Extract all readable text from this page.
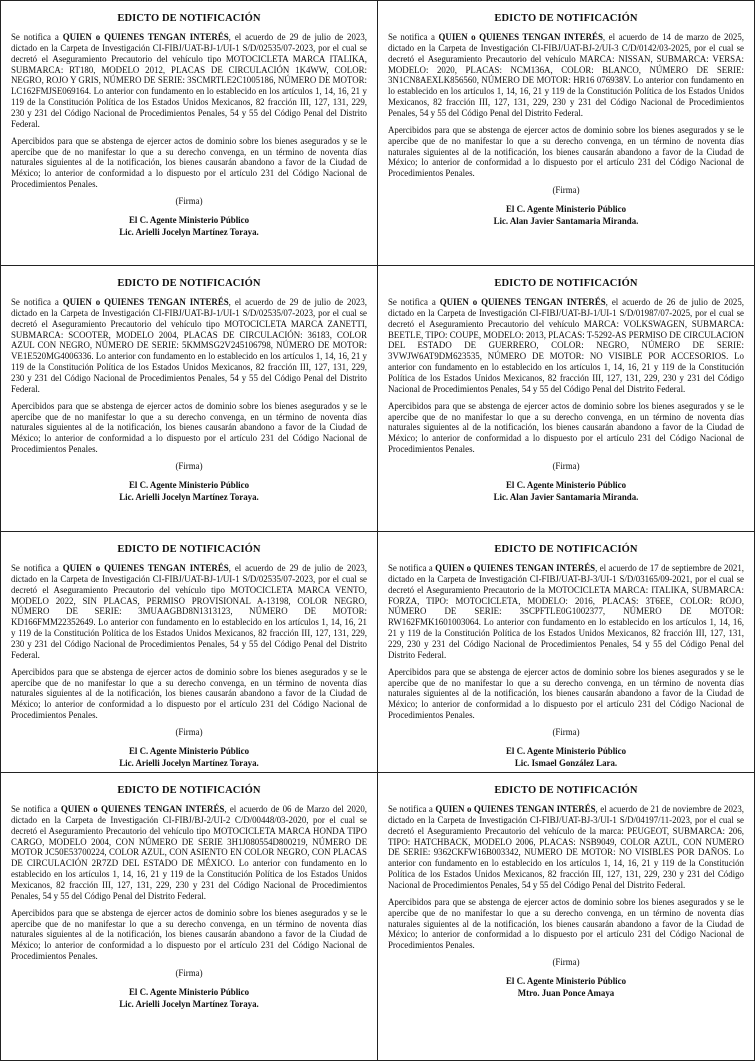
EDICTO DE NOTIFICACIÓN

Se notifica a QUIEN o QUIENES TENGAN INTERÉS, el acuerdo de 29 de julio de 2023, dictado en la Carpeta de Investigación CI-FIBJ/UAT-BJ-1/UI-1 S/D/02535/07-2023, por el cual se decretó el Aseguramiento Precautorio del vehículo tipo MOTOCICLETA MARCA ITALIKA, SUBMARCA: RT180, MODELO 2012, PLACAS DE CIRCULACIÓN 1K4WW, COLOR: NEGRO, ROJO Y GRIS, NÚMERO DE SERIE: 3SCMRTLE2C1005186, NÚMERO DE MOTOR: LC162FMJSE069164. Lo anterior con fundamento en lo establecido en los artículos 1, 14, 16, 21 y 119 de la Constitución Política de los Estados Unidos Mexicanos, 82 fracción III, 127, 131, 229, 230 y 231 del Código Nacional de Procedimientos Penales, 54 y 55 del Código Penal del Distrito Federal.

Apercibidos para que se abstenga de ejercer actos de dominio sobre los bienes asegurados y se le apercibe que de no manifestar lo que a su derecho convenga, en un término de noventa días naturales siguientes al de la notificación, los bienes causarán abandono a favor de la Ciudad de México; lo anterior de conformidad a lo dispuesto por el artículo 231 del Código Nacional de Procedimientos Penales.

(Firma)
El C. Agente Ministerio Público
Lic. Arielli Jocelyn Martínez Toraya.
EDICTO DE NOTIFICACIÓN

Se notifica a QUIEN o QUIENES TENGAN INTERÉS, el acuerdo de 14 de marzo de 2025, dictado en la Carpeta de Investigación CI-FIBJ/UAT-BJ-2/UI-3 C/D/0142/03-2025, por el cual se decretó el Aseguramiento Precautorio del vehículo MARCA: NISSAN, SUBMARCA: VERSA: MODELO: 2020, PLACAS: NCM136A, COLOR: BLANCO, NÚMERO DE SERIE: 3N1CN8AEXLK856560, NÚMERO DE MOTOR: HR16 076938V. Lo anterior con fundamento en lo establecido en los artículos 1, 14, 16, 21 y 119 de la Constitución Política de los Estados Unidos Mexicanos, 82 fracción III, 127, 131, 229, 230 y 231 del Código Nacional de Procedimientos Penales, 54 y 55 del Código Penal del Distrito Federal.

Apercibidos para que se abstenga de ejercer actos de dominio sobre los bienes asegurados y se le apercibe que de no manifestar lo que a su derecho convenga, en un término de noventa días naturales siguientes al de la notificación, los bienes causarán abandono a favor de la Ciudad de México; lo anterior de conformidad a lo dispuesto por el artículo 231 del Código Nacional de Procedimientos Penales.

(Firma)
El C. Agente Ministerio Público
Lic. Alan Javier Santamaria Miranda.
EDICTO DE NOTIFICACIÓN

Se notifica a QUIEN o QUIENES TENGAN INTERÉS, el acuerdo de 29 de julio de 2023, dictado en la Carpeta de Investigación CI-FIBJ/UAT-BJ-1/UI-1 S/D/02535/07-2023, por el cual se decretó el Aseguramiento Precautorio del vehículo tipo MOTOCICLETA MARCA ZANETTI, SUBMARCA: SCOOTER, MODELO 2004, PLACAS DE CIRCULACIÓN: 36183, COLOR AZUL CON NEGRO, NÚMERO DE SERIE: 5KMMSG2V245106798, NÚMERO DE MOTOR: VE1E520MG4006336. Lo anterior con fundamento en lo establecido en los artículos 1, 14, 16, 21 y 119 de la Constitución Política de los Estados Unidos Mexicanos, 82 fracción III, 127, 131, 229, 230 y 231 del Código Nacional de Procedimientos Penales, 54 y 55 del Código Penal del Distrito Federal.

Apercibidos para que se abstenga de ejercer actos de dominio sobre los bienes asegurados y se le apercibe que de no manifestar lo que a su derecho convenga, en un término de noventa días naturales siguientes al de la notificación, los bienes causarán abandono a favor de la Ciudad de México; lo anterior de conformidad a lo dispuesto por el artículo 231 del Código Nacional de Procedimientos Penales.

(Firma)
El C. Agente Ministerio Público
Lic. Arielli Jocelyn Martínez Toraya.
EDICTO DE NOTIFICACIÓN

Se notifica a QUIEN o QUIENES TENGAN INTERÉS, el acuerdo de 26 de julio de 2025, dictado en la Carpeta de Investigación CI-FIBJ/UAT-BJ-1/UI-1 S/D/01987/07-2025, por el cual se decretó el Aseguramiento Precautorio del vehículo MARCA: VOLKSWAGEN, SUBMARCA: BEETLE, TIPO: COUPE, MODELO: 2013, PLACAS: T-5292-AS PERMISO DE CIRCULACION DEL ESTADO DE GUERRERO, COLOR: NEGRO, NÚMERO DE SERIE: 3VWJW6AT9DM623535, NÚMERO DE MOTOR: NO VISIBLE POR ACCESORIOS. Lo anterior con fundamento en lo establecido en los artículos 1, 14, 16, 21 y 119 de la Constitución Política de los Estados Unidos Mexicanos, 82 fracción III, 127, 131, 229, 230 y 231 del Código Nacional de Procedimientos Penales, 54 y 55 del Código Penal del Distrito Federal.

Apercibidos para que se abstenga de ejercer actos de dominio sobre los bienes asegurados y se le apercibe que de no manifestar lo que a su derecho convenga, en un término de noventa días naturales siguientes al de la notificación, los bienes causarán abandono a favor de la Ciudad de México; lo anterior de conformidad a lo dispuesto por el artículo 231 del Código Nacional de Procedimientos Penales.

(Firma)
El C. Agente Ministerio Público
Lic. Alan Javier Santamaria Miranda.
EDICTO DE NOTIFICACIÓN

Se notifica a QUIEN o QUIENES TENGAN INTERÉS, el acuerdo de 29 de julio de 2023, dictado en la Carpeta de Investigación CI-FIBJ/UAT-BJ-1/UI-1 S/D/02535/07-2023, por el cual se decretó el Aseguramiento Precautorio del vehículo tipo MOTOCICLETA MARCA VENTO, MODELO 2022, SIN PLACAS, PERMISO PROVISIONAL A-13198, COLOR NEGRO, NÚMERO DE SERIE: 3MUAAGBD8N1313123, NÚMERO DE MOTOR: KD166FMM22352649. Lo anterior con fundamento en lo establecido en los artículos 1, 14, 16, 21 y 119 de la Constitución Política de los Estados Unidos Mexicanos, 82 fracción III, 127, 131, 229, 230 y 231 del Código Nacional de Procedimientos Penales, 54 y 55 del Código Penal del Distrito Federal.

Apercibidos para que se abstenga de ejercer actos de dominio sobre los bienes asegurados y se le apercibe que de no manifestar lo que a su derecho convenga, en un término de noventa días naturales siguientes al de la notificación, los bienes causarán abandono a favor de la Ciudad de México; lo anterior de conformidad a lo dispuesto por el artículo 231 del Código Nacional de Procedimientos Penales.

(Firma)
El C. Agente Ministerio Público
Lic. Arielli Jocelyn Martínez Toraya.
EDICTO DE NOTIFICACIÓN

Se notifica a QUIEN o QUIENES TENGAN INTERÉS, el acuerdo de 17 de septiembre de 2021, dictado en la Carpeta de Investigación CI-FIBJ/UAT-BJ-3/UI-1 S/D/03165/09-2021, por el cual se decretó el Aseguramiento Precautorio de la MOTOCICLETA MARCA: ITALIKA, SUBMARCA: FORZA, TIPO: MOTOCICLETA, MODELO: 2016, PLACAS: 3T6EE, COLOR: ROJO, NÚMERO DE SERIE: 3SCPFTLE0G1002377, NÚMERO DE MOTOR: RW162FMK1601003064. Lo anterior con fundamento en lo establecido en los artículos 1, 14, 16, 21 y 119 de la Constitución Política de los Estados Unidos Mexicanos, 82 fracción III, 127, 131, 229, 230 y 231 del Código Nacional de Procedimientos Penales, 54 y 55 del Código Penal del Distrito Federal.

Apercibidos para que se abstenga de ejercer actos de dominio sobre los bienes asegurados y se le apercibe que de no manifestar lo que a su derecho convenga, en un término de noventa días naturales siguientes al de la notificación, los bienes causarán abandono a favor de la Ciudad de México; lo anterior de conformidad a lo dispuesto por el artículo 231 del Código Nacional de Procedimientos Penales.

(Firma)
El C. Agente Ministerio Público
Lic. Ismael González Lara.
EDICTO DE NOTIFICACIÓN

Se notifica a QUIEN o QUIENES TENGAN INTERÉS, el acuerdo de 06 de Marzo del 2020, dictado en la Carpeta de Investigación CI-FIBJ/BJ-2/UI-2 C/D/00448/03-2020, por el cual se decretó el Aseguramiento Precautorio del vehículo tipo MOTOCICLETA MARCA HONDA TIPO CARGO, MODELO 2004, CON NÚMERO DE SERIE 3H1J080554D800219, NÚMERO DE MOTOR JC50E53700224, COLOR AZUL, CON ASIENTO EN COLOR NEGRO, CON PLACAS DE CIRCULACIÓN 2R7ZD DEL ESTADO DE MÉXICO. Lo anterior con fundamento en lo establecido en los artículos 1, 14, 16, 21 y 119 de la Constitución Política de los Estados Unidos Mexicanos, 82 fracción III, 127, 131, 229, 230 y 231 del Código Nacional de Procedimientos Penales, 54 y 55 del Código Penal del Distrito Federal.

Apercibidos para que se abstenga de ejercer actos de dominio sobre los bienes asegurados y se le apercibe que de no manifestar lo que a su derecho convenga, en un término de noventa días naturales siguientes al de la notificación, los bienes causarán abandono a favor de la Ciudad de México; lo anterior de conformidad a lo dispuesto por el artículo 231 del Código Nacional de Procedimientos Penales.

(Firma)
El C. Agente Ministerio Público
Lic. Arielli Jocelyn Martínez Toraya.
EDICTO DE NOTIFICACIÓN

Se notifica a QUIEN o QUIENES TENGAN INTERÉS, el acuerdo de 21 de noviembre de 2023, dictado en la Carpeta de Investigación CI-FIBJ/UAT-BJ-3/UI-1 S/D/04197/11-2023, por el cual se decretó el Aseguramiento Precautorio del vehículo de la marca: PEUGEOT, SUBMARCA: 206, TIPO: HATCHBACK, MODELO 2006, PLACAS: NSB9049, COLOR AZUL, CON NUMERO DE SERIE: 9362CKFW16B003342, NUMERO DE MOTOR: NO VISIBLES POR DAÑOS. Lo anterior con fundamento en lo establecido en los artículos 1, 14, 16, 21 y 119 de la Constitución Política de los Estados Unidos Mexicanos, 82 fracción III, 127, 131, 229, 230 y 231 del Código Nacional de Procedimientos Penales, 54 y 55 del Código Penal del Distrito Federal.

Apercibidos para que se abstenga de ejercer actos de dominio sobre los bienes asegurados y se le apercibe que de no manifestar lo que a su derecho convenga, en un término de noventa días naturales siguientes al de la notificación, los bienes causarán abandono a favor de la Ciudad de México; lo anterior de conformidad a lo dispuesto por el artículo 231 del Código Nacional de Procedimientos Penales.

(Firma)
El C. Agente Ministerio Público
Mtro. Juan Ponce Amaya
